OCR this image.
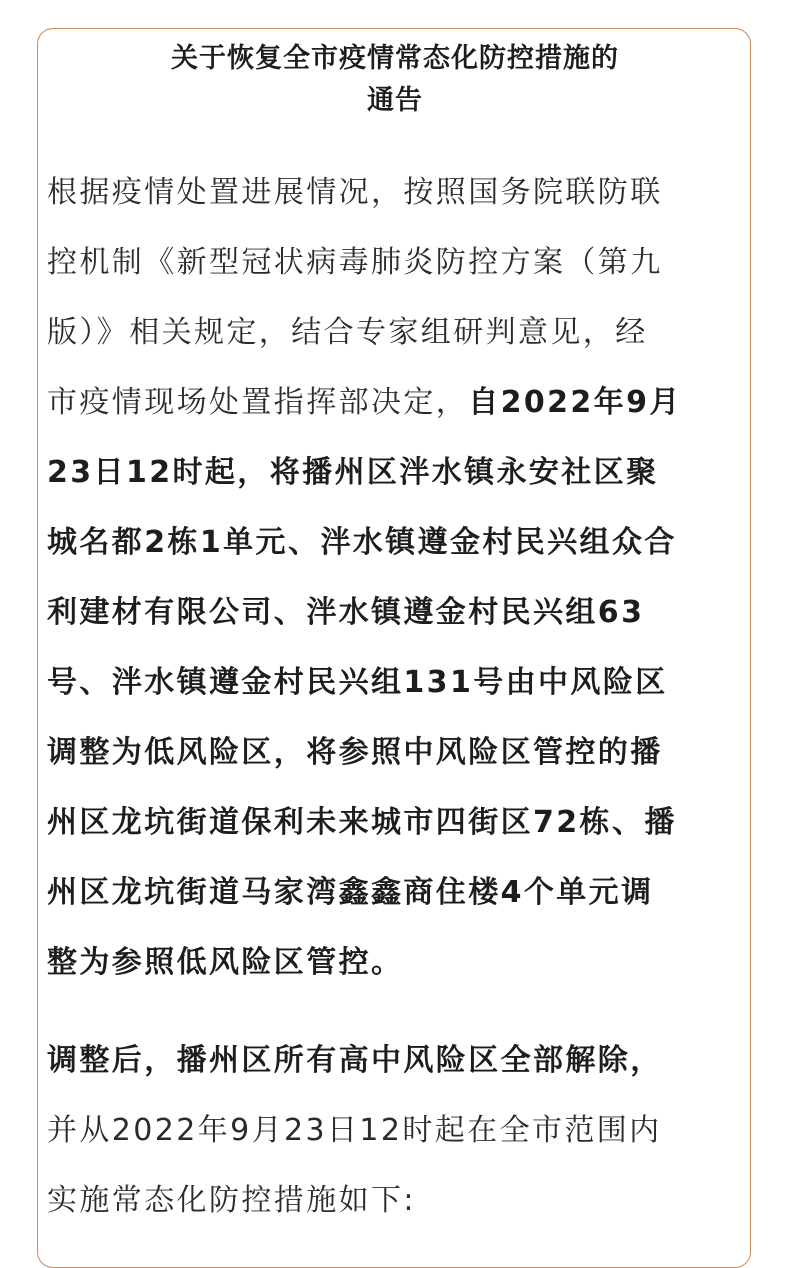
关于恢复全市疫情常态化防控措施的
通告
根据疫情处置进展情况，按照国务院联防联
控机制《新型冠状病毒肺炎防控方案（第九
版）》相关规定，结合专家组研判意见，经
市疫情现场处置指挥部决定，自2022年9月
23日12时起，将播州区泮水镇永安社区聚
城名都2栋1单元、泮水镇遵金村民兴组众合
利建材有限公司、泮水镇遵金村民兴组63
号、泮水镇遵金村民兴组131号由中风险区
调整为低风险区，将参照中风险区管控的播
州区龙坑街道保利未来城市四街区72栋、播
州区龙坑街道马家湾鑫鑫商住楼4个单元调
整为参照低风险区管控。
调整后，播州区所有高中风险区全部解除，
并从2022年9月23日12时起在全市范围内
实施常态化防控措施如下:
